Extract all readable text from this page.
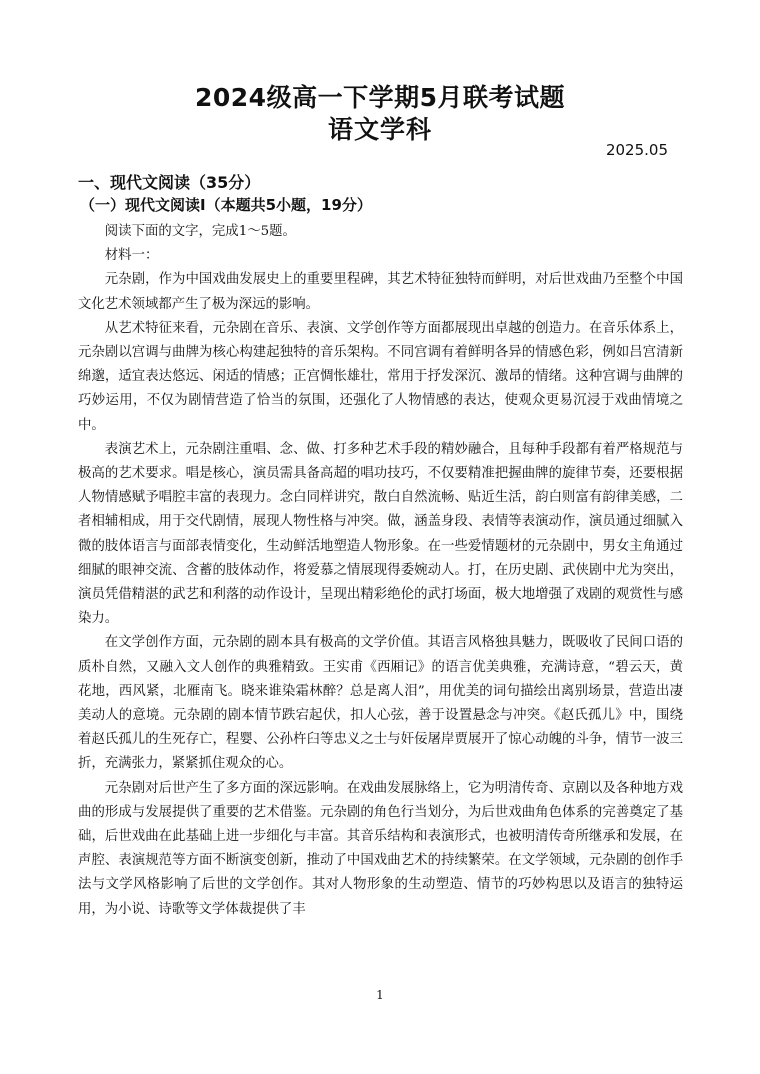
2024级高一下学期5月联考试题
语文学科
2025.05
一、现代文阅读（35分）
（一）现代文阅读Ⅰ（本题共5小题，19分）

阅读下面的文字，完成1～5题。

材料一：

元杂剧，作为中国戏曲发展史上的重要里程碑，其艺术特征独特而鲜明，对后世戏曲乃至整个中国文化艺术领域都产生了极为深远的影响。

从艺术特征来看，元杂剧在音乐、表演、文学创作等方面都展现出卓越的创造力。在音乐体系上，元杂剧以宫调与曲牌为核心构建起独特的音乐架构。不同宫调有着鲜明各异的情感色彩，例如吕宫清新绵邈，适宜表达悠远、闲适的情感；正宫惆怅雄壮，常用于抒发深沉、激昂的情绪。这种宫调与曲牌的巧妙运用，不仅为剧情营造了恰当的氛围，还强化了人物情感的表达，使观众更易沉浸于戏曲情境之中。

表演艺术上，元杂剧注重唱、念、做、打多种艺术手段的精妙融合，且每种手段都有着严格规范与极高的艺术要求。唱是核心，演员需具备高超的唱功技巧，不仅要精准把握曲牌的旋律节奏，还要根据人物情感赋予唱腔丰富的表现力。念白同样讲究，散白自然流畅、贴近生活，韵白则富有韵律美感，二者相辅相成，用于交代剧情，展现人物性格与冲突。做，涵盖身段、表情等表演动作，演员通过细腻入微的肢体语言与面部表情变化，生动鲜活地塑造人物形象。在一些爱情题材的元杂剧中，男女主角通过细腻的眼神交流、含蓄的肢体动作，将爱慕之情展现得委婉动人。打，在历史剧、武侠剧中尤为突出，演员凭借精湛的武艺和利落的动作设计，呈现出精彩绝伦的武打场面，极大地增强了戏剧的观赏性与感染力。

在文学创作方面，元杂剧的剧本具有极高的文学价值。其语言风格独具魅力，既吸收了民间口语的质朴自然，又融入文人创作的典雅精致。王实甫《西厢记》的语言优美典雅，充满诗意，“碧云天，黄花地，西风紧，北雁南飞。晓来谁染霜林醉？总是离人泪”，用优美的词句描绘出离别场景，营造出凄美动人的意境。元杂剧的剧本情节跌宕起伏，扣人心弦，善于设置悬念与冲突。《赵氏孤儿》中，围绕着赵氏孤儿的生死存亡，程婴、公孙杵臼等忠义之士与奸佞屠岸贾展开了惊心动魄的斗争，情节一波三折，充满张力，紧紧抓住观众的心。

元杂剧对后世产生了多方面的深远影响。在戏曲发展脉络上，它为明清传奇、京剧以及各种地方戏曲的形成与发展提供了重要的艺术借鉴。元杂剧的角色行当划分，为后世戏曲角色体系的完善奠定了基础，后世戏曲在此基础上进一步细化与丰富。其音乐结构和表演形式，也被明清传奇所继承和发展，在声腔、表演规范等方面不断演变创新，推动了中国戏曲艺术的持续繁荣。在文学领域，元杂剧的创作手法与文学风格影响了后世的文学创作。其对人物形象的生动塑造、情节的巧妙构思以及语言的独特运用，为小说、诗歌等文学体裁提供了丰

1
